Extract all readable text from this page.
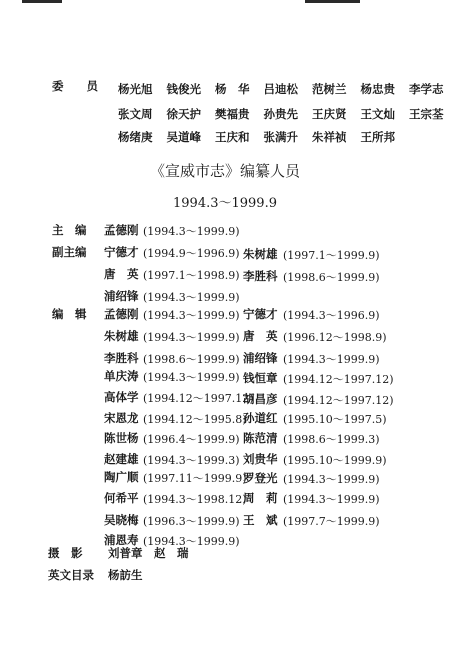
委　　员 杨光旭 钱俊光 杨　华 吕迪松 范树兰 杨忠贵 李学志
张文周 徐天护 樊福贵 孙贵先 王庆贤 王文灿 王宗荃
杨绪庚 吴道峰 王庆和 张满升 朱祥祯 王所邦
《宣威市志》编纂人员
1994.3～1999.9
主　编 孟德刚 (1994.3～1999.9)
副主编 宁德才 (1994.9～1996.9)
唐　英 (1997.1～1998.9)
浦绍锋 (1994.3～1999.9)
编　辑 孟德刚 (1994.3～1999.9)
朱树雄 (1994.3～1999.9)
李胜科 (1998.6～1999.9)
单庆涛 (1994.3～1999.9)
高体学 (1994.12～1997.12)
宋恩龙 (1994.12～1995.8)
陈世杨 (1996.4～1999.9)
赵建雄 (1994.3～1999.3)
陶广顺 (1997.11～1999.9)
何希平 (1994.3～1998.12)
吴晓梅 (1996.3～1999.9)
浦恩寿 (1994.3～1999.9)
朱树雄 (1997.1～1999.9)
李胜科 (1998.6～1999.9)
宁德才 (1994.3～1996.9)
唐　英 (1996.12～1998.9)
浦绍锋 (1994.3～1999.9)
钱恒章 (1994.12～1997.12)
胡昌彦 (1994.12～1997.12)
孙道红 (1995.10～1997.5)
陈范清 (1998.6～1999.3)
刘贵华 (1995.10～1999.9)
罗登光 (1994.3～1999.9)
周　莉 (1994.3～1999.9)
王　斌 (1997.7～1999.9)
摄　影 刘普章　赵　瑞
英文目录 杨訪生
